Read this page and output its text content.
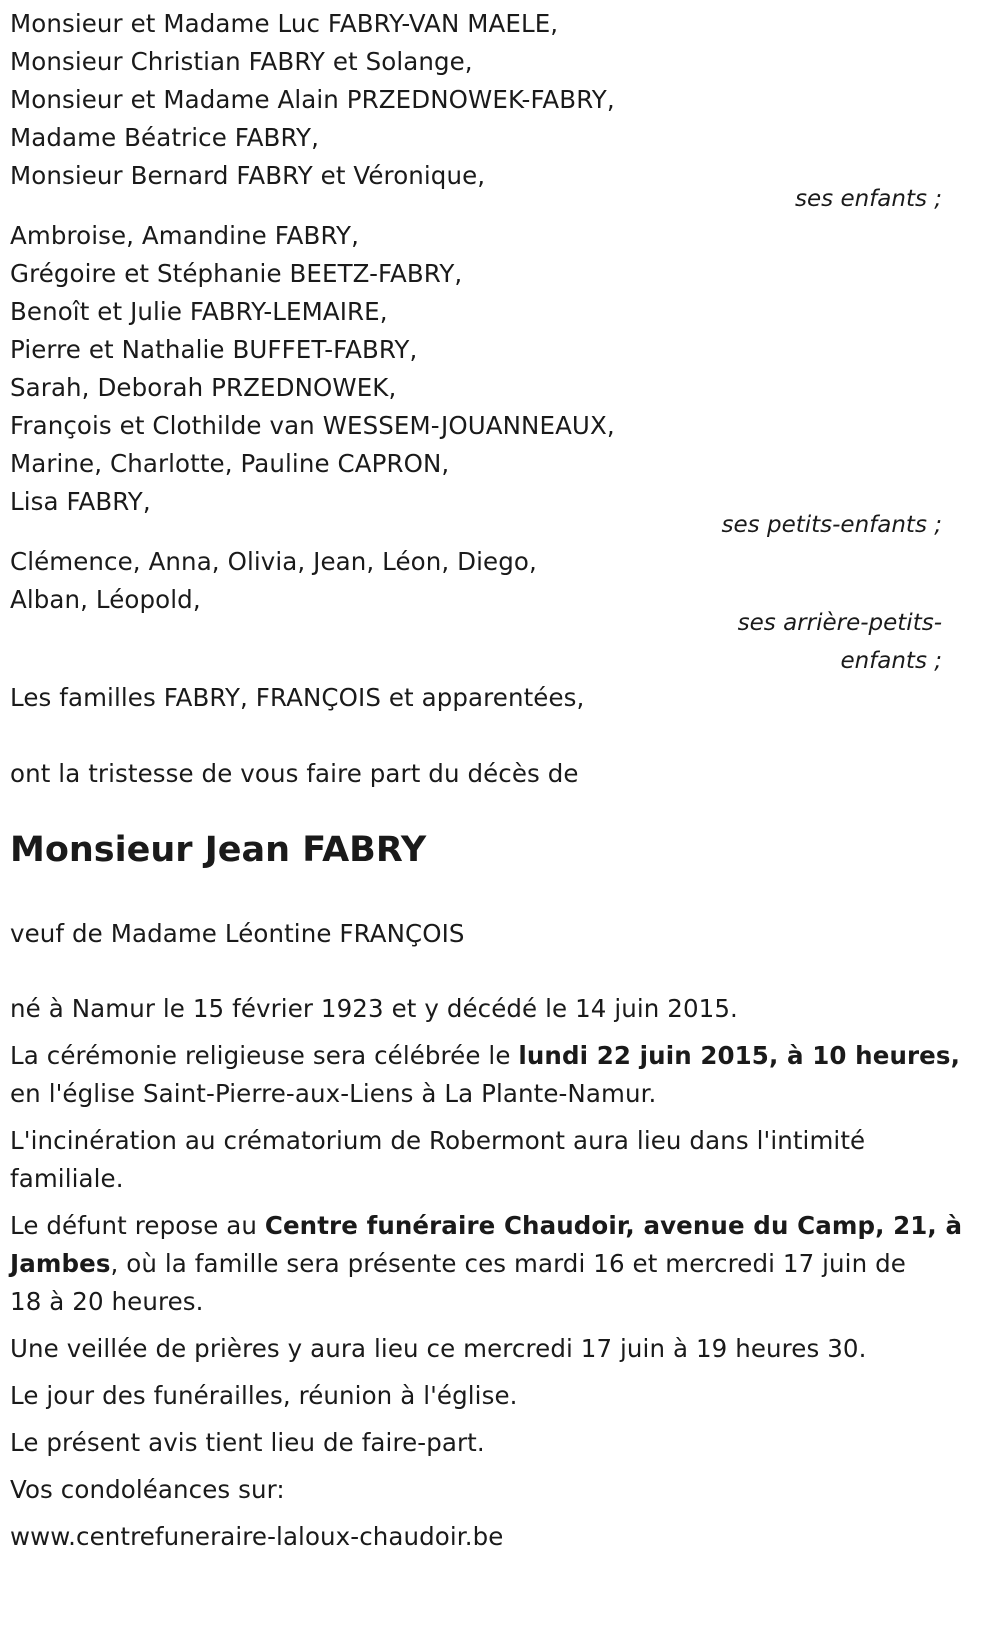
Monsieur et Madame Luc FABRY-VAN MAELE,
Monsieur Christian FABRY et Solange,
Monsieur et Madame Alain PRZEDNOWEK-FABRY,
Madame Béatrice FABRY,
Monsieur Bernard FABRY et Véronique,
ses enfants ;
Ambroise, Amandine FABRY,
Grégoire et Stéphanie BEETZ-FABRY,
Benoît et Julie FABRY-LEMAIRE,
Pierre et Nathalie BUFFET-FABRY,
Sarah, Deborah PRZEDNOWEK,
François et Clothilde van WESSEM-JOUANNEAUX,
Marine, Charlotte, Pauline CAPRON,
Lisa FABRY,
ses petits-enfants ;
Clémence, Anna, Olivia, Jean, Léon, Diego,
Alban, Léopold,
ses arrière-petits-
enfants ;
Les familles FABRY, FRANÇOIS et apparentées,
ont la tristesse de vous faire part du décès de
Monsieur Jean FABRY
veuf de Madame Léontine FRANÇOIS
né à Namur le 15 février 1923 et y décédé le 14 juin 2015.
La cérémonie religieuse sera célébrée le lundi 22 juin 2015, à 10 heures,
en l'église Saint-Pierre-aux-Liens à La Plante-Namur.
L'incinération au crématorium de Robermont aura lieu dans l'intimité
familiale.
Le défunt repose au Centre funéraire Chaudoir, avenue du Camp, 21, à
Jambes, où la famille sera présente ces mardi 16 et mercredi 17 juin de
18 à 20 heures.
Une veillée de prières y aura lieu ce mercredi 17 juin à 19 heures 30.
Le jour des funérailles, réunion à l'église.
Le présent avis tient lieu de faire-part.
Vos condoléances sur:
www.centrefuneraire-laloux-chaudoir.be
